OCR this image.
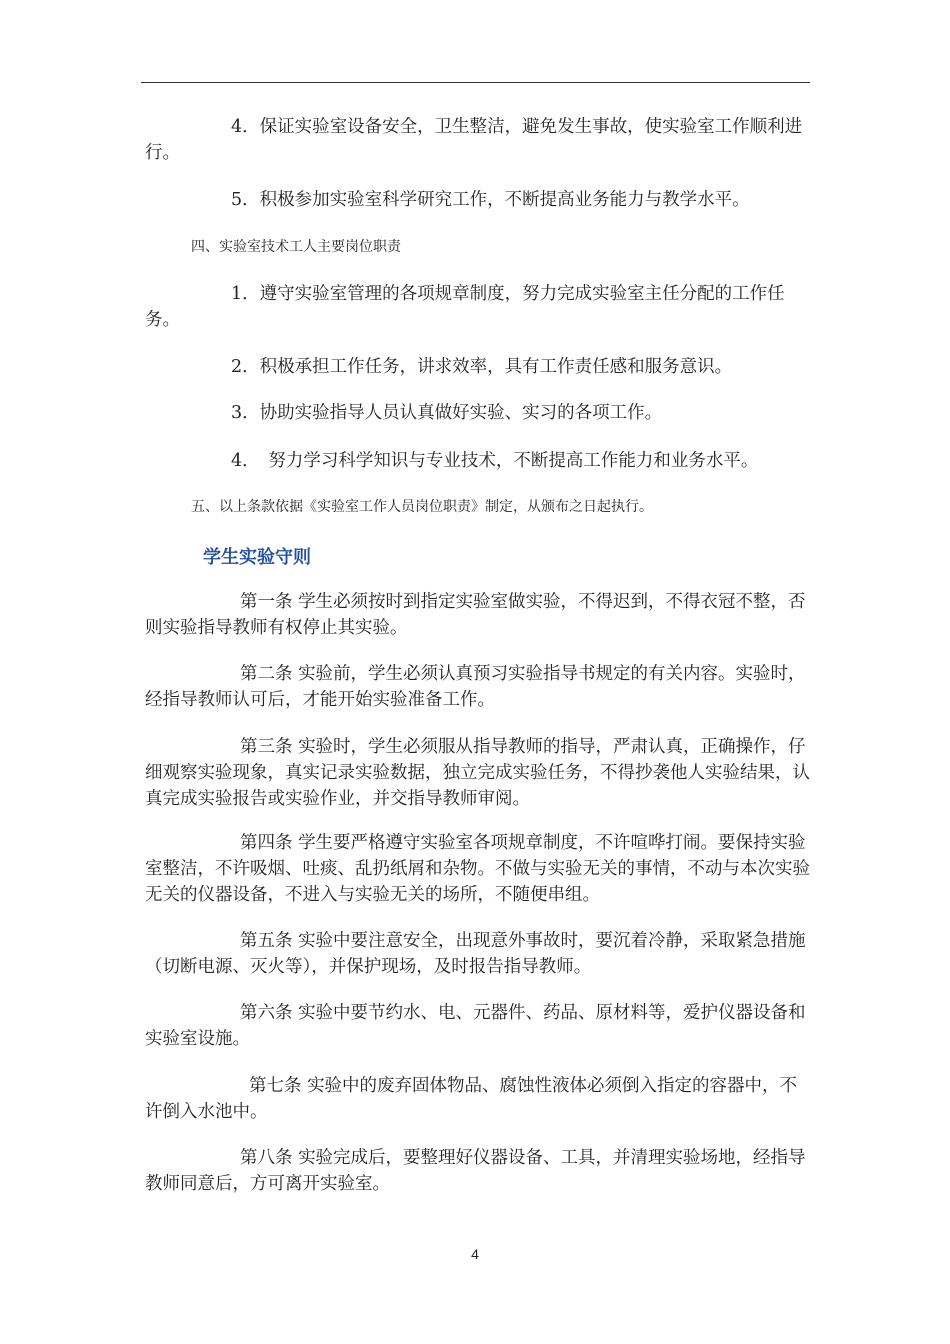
4．保证实验室设备安全，卫生整洁，避免发生事故，使实验室工作顺利进行。

5．积极参加实验室科学研究工作，不断提高业务能力与教学水平。

四、实验室技术工人主要岗位职责

1．遵守实验室管理的各项规章制度，努力完成实验室主任分配的工作任务。

2．积极承担工作任务，讲求效率，具有工作责任感和服务意识。

3．协助实验指导人员认真做好实验、实习的各项工作。

4．　努力学习科学知识与专业技术，不断提高工作能力和业务水平。

五、以上条款依据《实验室工作人员岗位职责》制定，从颁布之日起执行。

学生实验守则

第一条 学生必须按时到指定实验室做实验，不得迟到，不得衣冠不整，否则实验指导教师有权停止其实验。

第二条 实验前，学生必须认真预习实验指导书规定的有关内容。实验时，经指导教师认可后，才能开始实验准备工作。

第三条 实验时，学生必须服从指导教师的指导，严肃认真，正确操作，仔细观察实验现象，真实记录实验数据，独立完成实验任务，不得抄袭他人实验结果，认真完成实验报告或实验作业，并交指导教师审阅。

第四条 学生要严格遵守实验室各项规章制度，不许喧哗打闹。要保持实验室整洁，不许吸烟、吐痰、乱扔纸屑和杂物。不做与实验无关的事情，不动与本次实验无关的仪器设备，不进入与实验无关的场所，不随便串组。

第五条 实验中要注意安全，出现意外事故时，要沉着冷静，采取紧急措施（切断电源、灭火等），并保护现场，及时报告指导教师。

第六条 实验中要节约水、电、元器件、药品、原材料等，爱护仪器设备和实验室设施。

第七条 实验中的废弃固体物品、腐蚀性液体必须倒入指定的容器中，不许倒入水池中。

第八条 实验完成后，要整理好仪器设备、工具，并清理实验场地，经指导教师同意后，方可离开实验室。

4
